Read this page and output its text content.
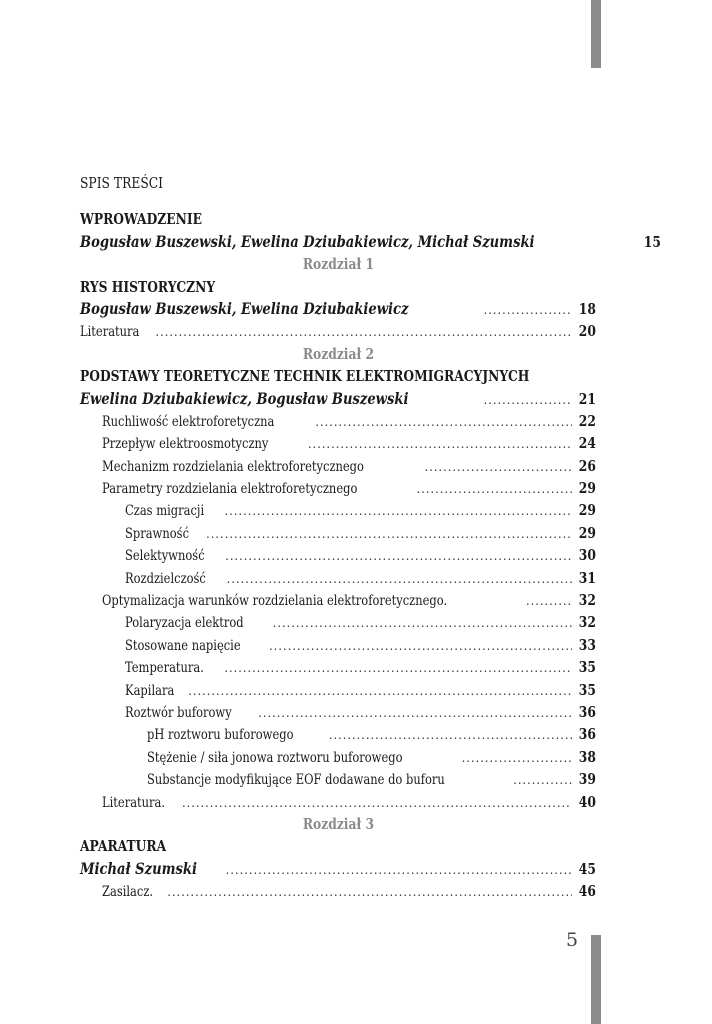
SPIS TREŚCI
WPROWADZENIE
Bogusław Buszewski, Ewelina Dziubakiewicz, Michał Szumski	15
Rozdział 1
RYS HISTORYCZNY
Bogusław Buszewski, Ewelina Dziubakiewicz . . .	18
Literatura . . .	20
Rozdział 2
PODSTAWY TEORETYCZNE TECHNIK ELEKTROMIGRACYJNYCH
Ewelina Dziubakiewicz, Bogusław Buszewski . . .	21
Ruchliwość elektroforetyczna . . .	22
Przepływ elektroosmotyczny . . .	24
Mechanizm rozdzielania elektroforetycznego . . .	26
Parametry rozdzielania elektroforetycznego . . .	29
Czas migracji . . .	29
Sprawność . . .	29
Selektywność . . .	30
Rozdzielczość . . .	31
Optymalizacja warunków rozdzielania elektroforetycznego. . . .	32
Polaryzacja elektrod . . .	32
Stosowane napięcie . . .	33
Temperatura. . . .	35
Kapilara . . .	35
Roztwór buforowy . . .	36
pH roztworu buforowego . . .	36
Stężenie / siła jonowa roztworu buforowego . . .	38
Substancje modyfikujące EOF dodawane do buforu . . .	39
Literatura. . . .	40
Rozdział 3
APARATURA
Michał Szumski . . .	45
Zasilacz. . . .	46
5
